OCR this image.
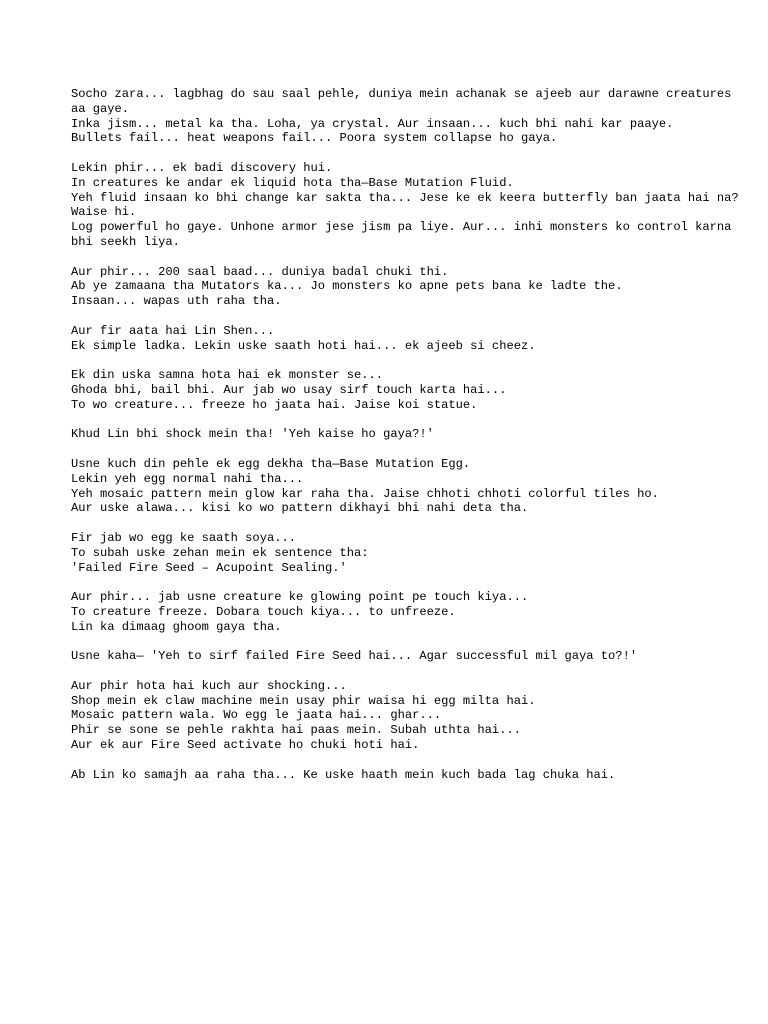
Socho zara... lagbhag do sau saal pehle, duniya mein achanak se ajeeb aur darawne creatures aa gaye.
Inka jism... metal ka tha. Loha, ya crystal. Aur insaan... kuch bhi nahi kar paaye.
Bullets fail... heat weapons fail... Poora system collapse ho gaya.
Lekin phir... ek badi discovery hui.
In creatures ke andar ek liquid hota tha—Base Mutation Fluid.
Yeh fluid insaan ko bhi change kar sakta tha... Jese ke ek keera butterfly ban jaata hai na? Waise hi.
Log powerful ho gaye. Unhone armor jese jism pa liye. Aur... inhi monsters ko control karna bhi seekh liya.
Aur phir... 200 saal baad... duniya badal chuki thi.
Ab ye zamaana tha Mutators ka... Jo monsters ko apne pets bana ke ladte the.
Insaan... wapas uth raha tha.
Aur fir aata hai Lin Shen...
Ek simple ladka. Lekin uske saath hoti hai... ek ajeeb si cheez.
Ek din uska samna hota hai ek monster se...
Ghoda bhi, bail bhi. Aur jab wo usay sirf touch karta hai...
To wo creature... freeze ho jaata hai. Jaise koi statue.
Khud Lin bhi shock mein tha! 'Yeh kaise ho gaya?!'
Usne kuch din pehle ek egg dekha tha—Base Mutation Egg.
Lekin yeh egg normal nahi tha...
Yeh mosaic pattern mein glow kar raha tha. Jaise chhoti chhoti colorful tiles ho.
Aur uske alawa... kisi ko wo pattern dikhayi bhi nahi deta tha.
Fir jab wo egg ke saath soya...
To subah uske zehan mein ek sentence tha:
'Failed Fire Seed – Acupoint Sealing.'
Aur phir... jab usne creature ke glowing point pe touch kiya...
To creature freeze. Dobara touch kiya... to unfreeze.
Lin ka dimaag ghoom gaya tha.
Usne kaha— 'Yeh to sirf failed Fire Seed hai... Agar successful mil gaya to?!'
Aur phir hota hai kuch aur shocking...
Shop mein ek claw machine mein usay phir waisa hi egg milta hai.
Mosaic pattern wala. Wo egg le jaata hai... ghar...
Phir se sone se pehle rakhta hai paas mein. Subah uthta hai...
Aur ek aur Fire Seed activate ho chuki hoti hai.
Ab Lin ko samajh aa raha tha... Ke uske haath mein kuch bada lag chuka hai.
